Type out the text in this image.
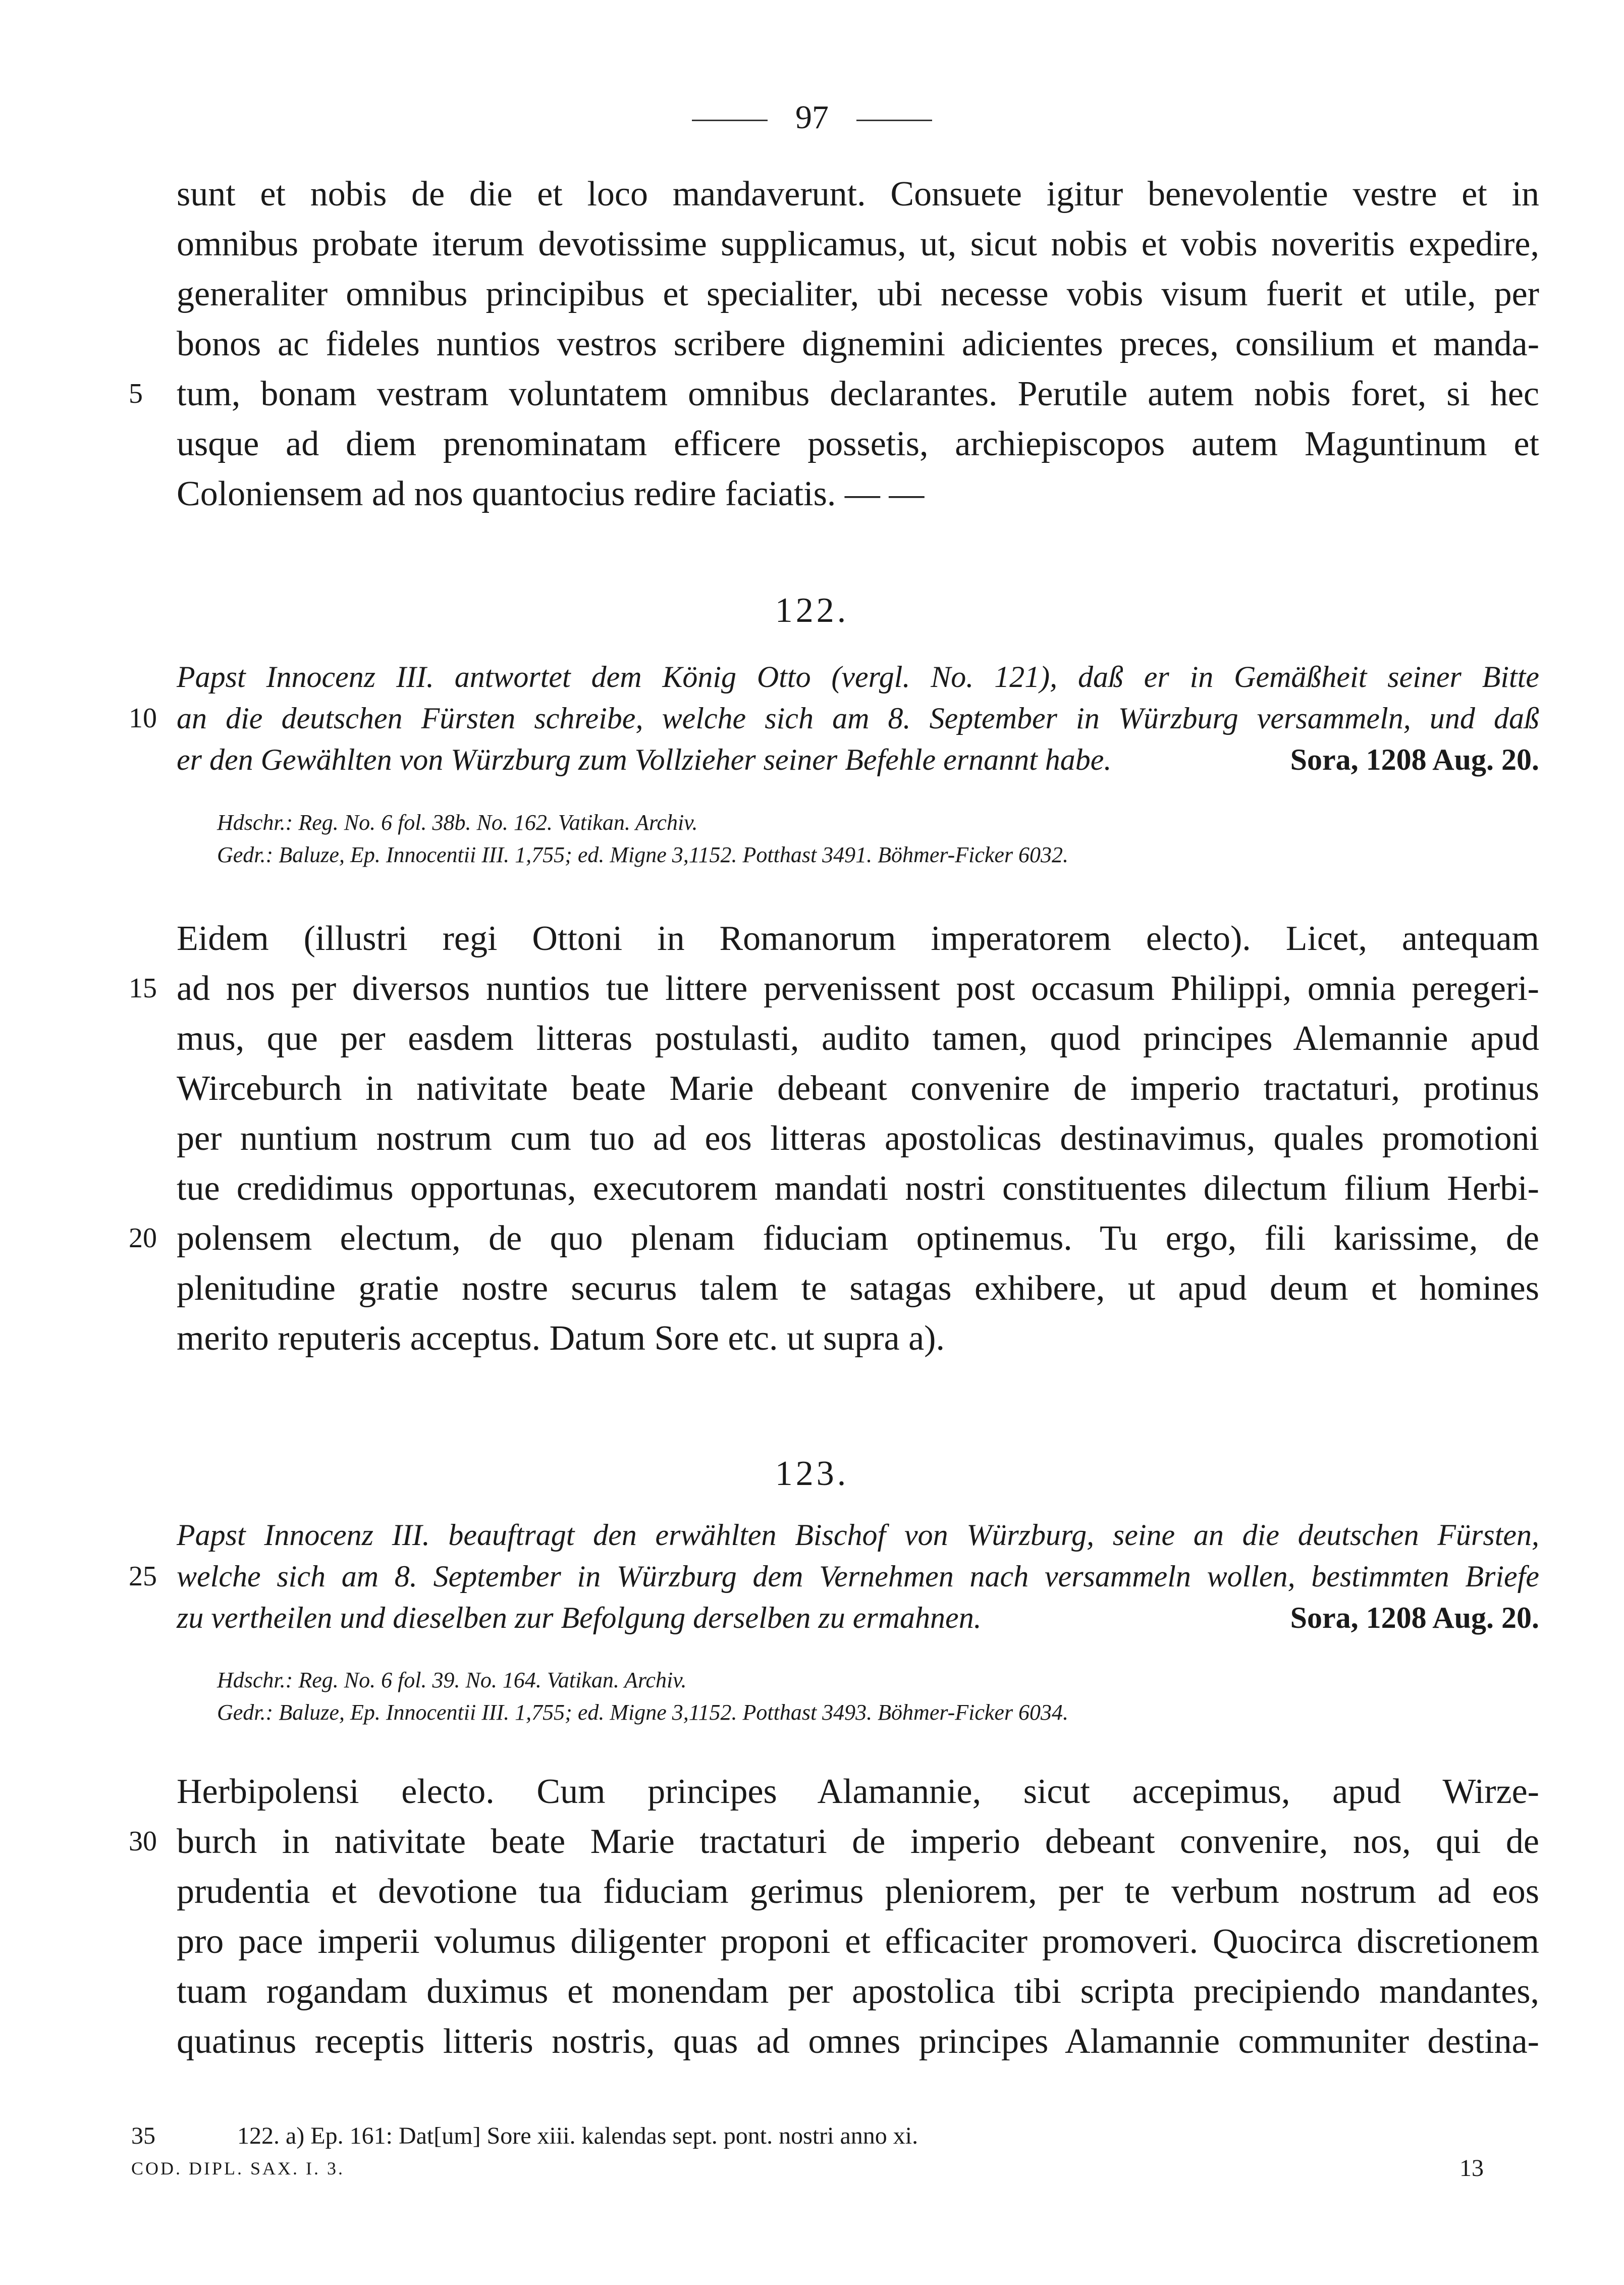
97
sunt et nobis de die et loco mandaverunt. Consuete igitur benevolentie vestre et in
omnibus probate iterum devotissime supplicamus, ut, sicut nobis et vobis noveritis expedire,
generaliter omnibus principibus et specialiter, ubi necesse vobis visum fuerit et utile, per
bonos ac fideles nuntios vestros scribere dignemini adicientes preces, consilium et manda-
5 tum, bonam vestram voluntatem omnibus declarantes. Perutile autem nobis foret, si hec
usque ad diem prenominatam efficere possetis, archiepiscopos autem Maguntinum et
Coloniensem ad nos quantocius redire faciatis. — —
122.
Papst Innocenz III. antwortet dem König Otto (vergl. No. 121), daß er in Gemäßheit seiner Bitte
10 an die deutschen Fürsten schreibe, welche sich am 8. September in Würzburg versammeln, und daß
er den Gewählten von Würzburg zum Vollzieher seiner Befehle ernannt habe.	Sora, 1208 Aug. 20.
Hdschr.: Reg. No. 6 fol. 38b. No. 162. Vatikan. Archiv.
Gedr.: Baluze, Ep. Innocentii III. 1,755; ed. Migne 3,1152. Potthast 3491. Böhmer-Ficker 6032.
Eidem (illustri regi Ottoni in Romanorum imperatorem electo). Licet, antequam
15 ad nos per diversos nuntios tue littere pervenissent post occasum Philippi, omnia peregeri-
mus, que per easdem litteras postulasti, audito tamen, quod principes Alemannie apud
Wirceburch in nativitate beate Marie debeant convenire de imperio tractaturi, protinus
per nuntium nostrum cum tuo ad eos litteras apostolicas destinavimus, quales promotioni
tue credidimus opportunas, executorem mandati nostri constituentes dilectum filium Herbi-
20 polensem electum, de quo plenam fiduciam optinemus. Tu ergo, fili karissime, de
plenitudine gratie nostre securus talem te satagas exhibere, ut apud deum et homines
merito reputeris acceptus. Datum Sore etc. ut supra a).
123.
Papst Innocenz III. beauftragt den erwählten Bischof von Würzburg, seine an die deutschen Fürsten,
25 welche sich am 8. September in Würzburg dem Vernehmen nach versammeln wollen, bestimmten Briefe
zu vertheilen und dieselben zur Befolgung derselben zu ermahnen.	Sora, 1208 Aug. 20.
Hdschr.: Reg. No. 6 fol. 39. No. 164. Vatikan. Archiv.
Gedr.: Baluze, Ep. Innocentii III. 1,755; ed. Migne 3,1152. Potthast 3493. Böhmer-Ficker 6034.
Herbipolensi electo. Cum principes Alamannie, sicut accepimus, apud Wirze-
30 burch in nativitate beate Marie tractaturi de imperio debeant convenire, nos, qui de
prudentia et devotione tua fiduciam gerimus pleniorem, per te verbum nostrum ad eos
pro pace imperii volumus diligenter proponi et efficaciter promoveri. Quocirca discretionem
tuam rogandam duximus et monendam per apostolica tibi scripta precipiendo mandantes,
quatinus receptis litteris nostris, quas ad omnes principes Alamannie communiter destina-
35	122. a) Ep. 161: Dat[um] Sore xiii. kalendas sept. pont. nostri anno xi.
COD. DIPL. SAX. I. 3.	13
